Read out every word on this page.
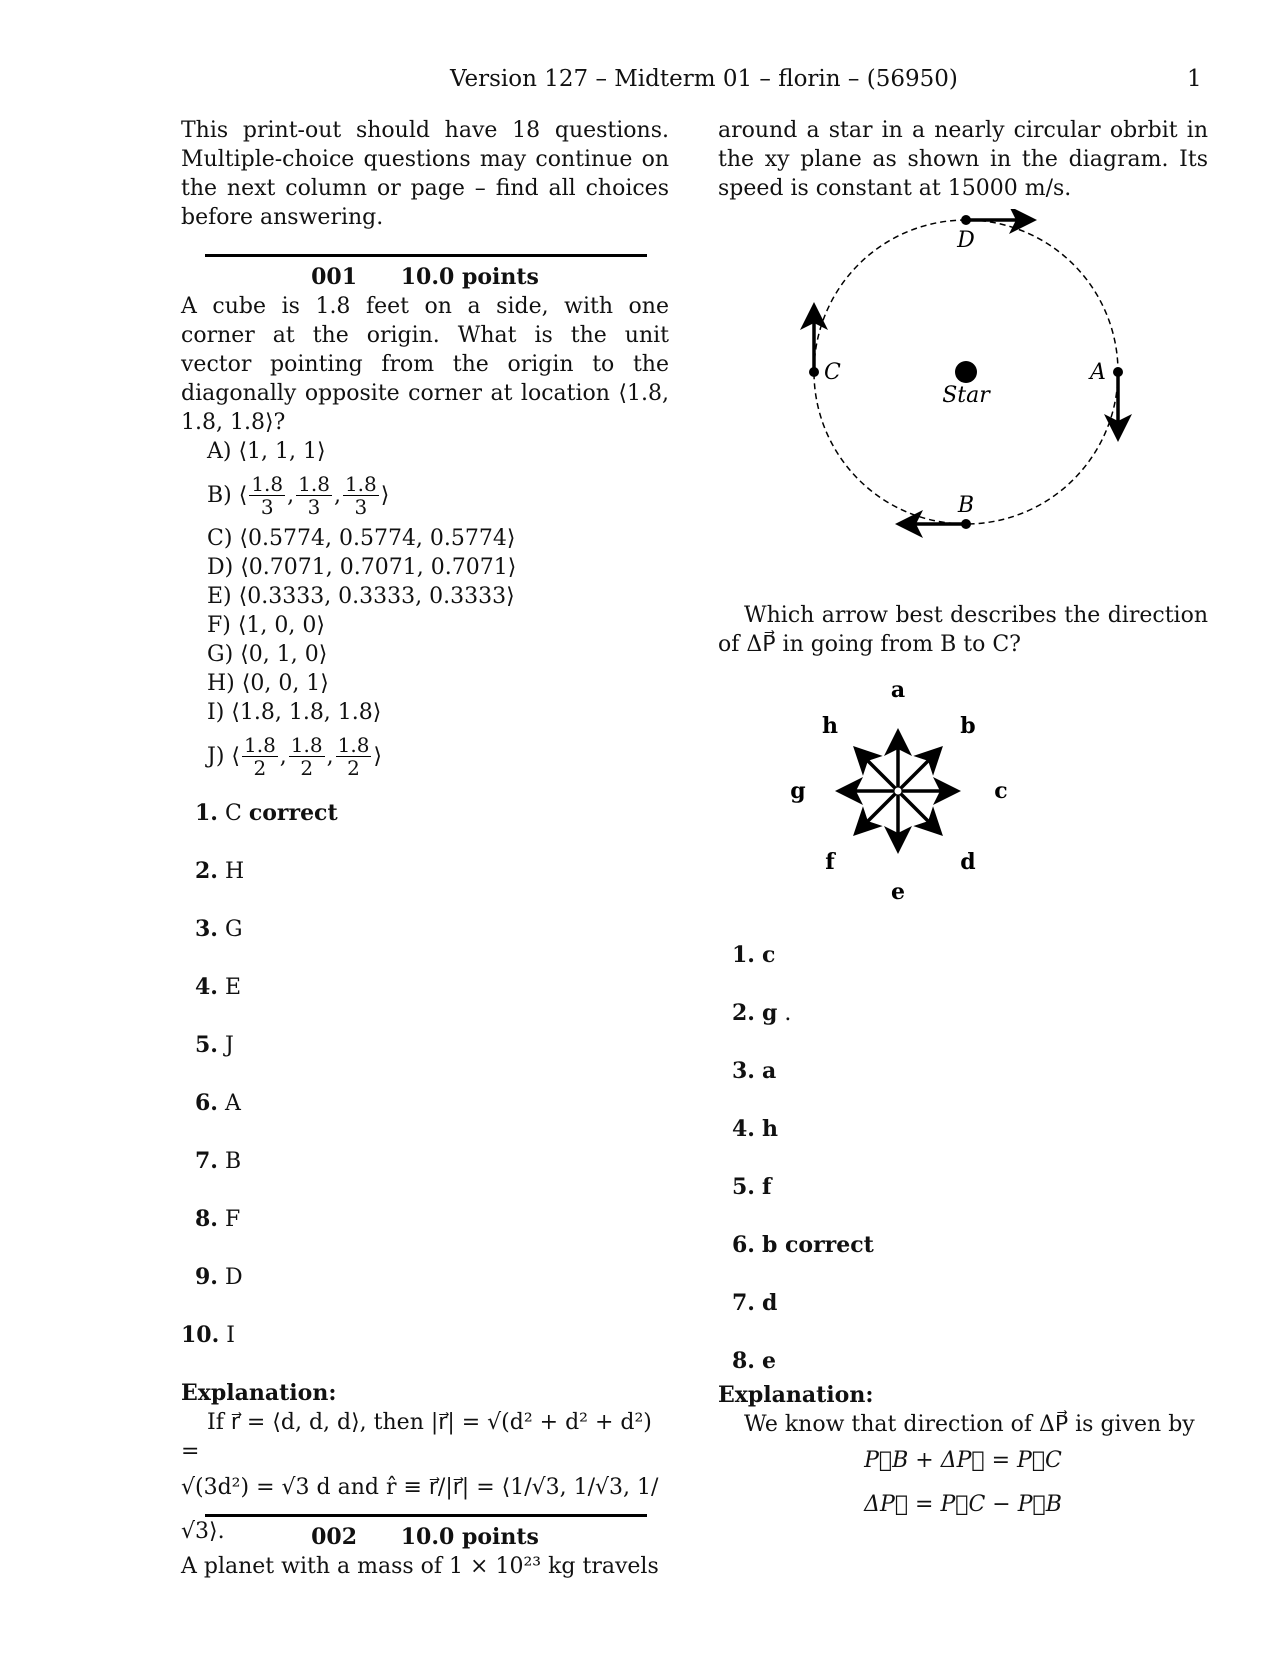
Version 127 – Midterm 01 – florin – (56950)	1
This print-out should have 18 questions. Multiple-choice questions may continue on the next column or page – find all choices before answering.
001 10.0 points
A cube is 1.8 feet on a side, with one corner at the origin. What is the unit vector pointing from the origin to the diagonally opposite corner at location ⟨1.8, 1.8, 1.8⟩?
A) ⟨1, 1, 1⟩
B) ⟨ $\frac{1.8}{3}$ , $\frac{1.8}{3}$ , $\frac{1.8}{3}$ ⟩
C) ⟨0.5774, 0.5774, 0.5774⟩
D) ⟨0.7071, 0.7071, 0.7071⟩
E) ⟨0.3333, 0.3333, 0.3333⟩
F) ⟨1, 0, 0⟩
G) ⟨0, 1, 0⟩
H) ⟨0, 0, 1⟩
I) ⟨1.8, 1.8, 1.8⟩
J) ⟨ $\frac{1.8}{2}$ , $\frac{1.8}{2}$ , $\frac{1.8}{2}$ ⟩
1. C correct
2. H
3. G
4. E
5. J
6. A
7. B
8. F
9. D
10. I
Explanation:
If r⃗ = ⟨d, d, d⟩, then |r⃗| = √(d² + d² + d²) =
√(3d²) = √3 d and r̂ ≡ r⃗/|r⃗| = ⟨1/√3, 1/√3, 1/√3⟩.	002 10.0 points
A planet with a mass of 1 × 10²³ kg travels
around a star in a nearly circular obrbit in the xy plane as shown in the diagram. Its speed is constant at 15000 m/s.
Star
D
C	A
B
Which arrow best describes the direction of ΔP⃗ in going from B to C?
a
b
c
d
e
f
g
h
1. c
2. g .
3. a
4. h
5. f
6. b correct
7. d
8. e
Explanation:
We know that direction of ΔP⃗ is given by
P⃗B + ΔP⃗ = P⃗C
ΔP⃗ = P⃗C − P⃗B
